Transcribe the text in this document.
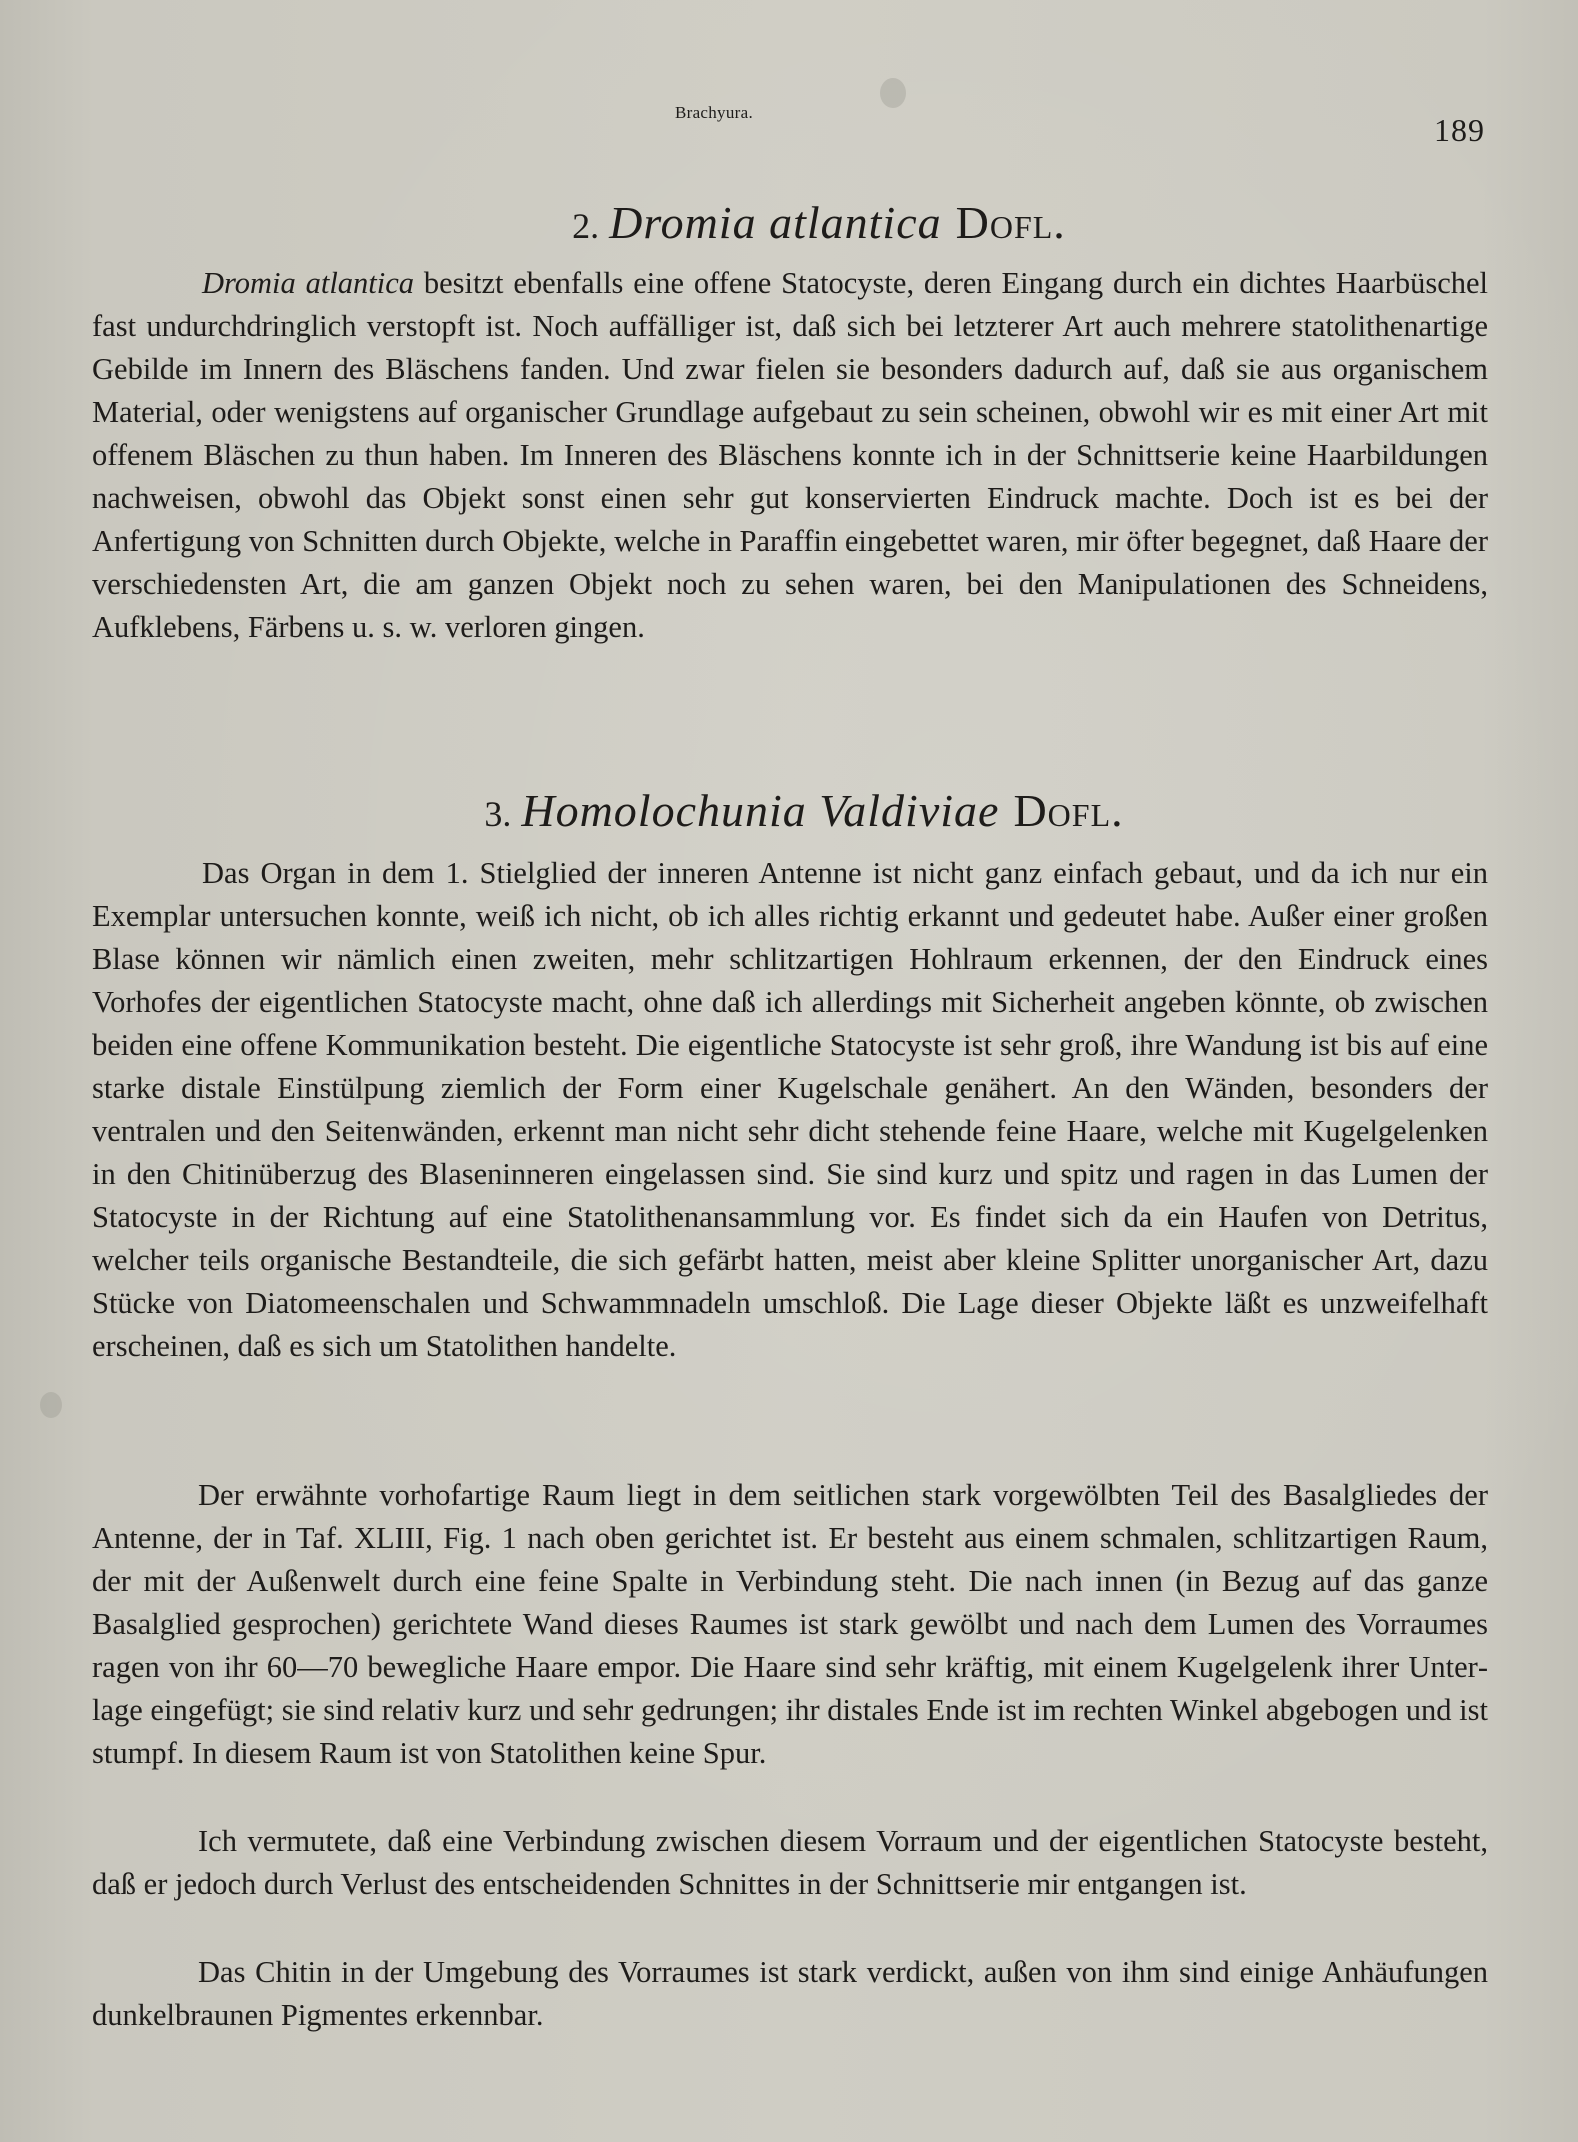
Brachyura.	189
2. Dromia atlantica Dofl.
Dromia atlantica besitzt ebenfalls eine offene Statocyste, deren Eingang durch ein dichtes Haarbüschel fast undurchdringlich verstopft ist. Noch auffälliger ist, daß sich bei letzterer Art auch mehrere statolithenartige Gebilde im Innern des Bläschens fanden. Und zwar fielen sie besonders dadurch auf, daß sie aus organischem Material, oder wenigstens auf organischer Grundlage aufgebaut zu sein scheinen, obwohl wir es mit einer Art mit offenem Bläschen zu thun haben. Im Inneren des Bläschens konnte ich in der Schnittserie keine Haarbildungen nachweisen, obwohl das Objekt sonst einen sehr gut konservierten Eindruck machte. Doch ist es bei der Anfertigung von Schnitten durch Objekte, welche in Paraffin eingebettet waren, mir öfter begegnet, daß Haare der verschiedensten Art, die am ganzen Objekt noch zu sehen waren, bei den Manipulationen des Schneidens, Aufklebens, Färbens u. s. w. verloren gingen.
3. Homolochunia Valdiviae Dofl.
Das Organ in dem 1. Stielglied der inneren Antenne ist nicht ganz einfach gebaut, und da ich nur ein Exemplar untersuchen konnte, weiß ich nicht, ob ich alles richtig erkannt und gedeutet habe. Außer einer großen Blase können wir nämlich einen zweiten, mehr schlitzartigen Hohlraum erkennen, der den Eindruck eines Vorhofes der eigentlichen Statocyste macht, ohne daß ich allerdings mit Sicherheit angeben könnte, ob zwischen beiden eine offene Kommunikation besteht. Die eigentliche Statocyste ist sehr groß, ihre Wandung ist bis auf eine starke distale Einstülpung ziemlich der Form einer Kugelschale genähert. An den Wänden, besonders der ventralen und den Seitenwänden, erkennt man nicht sehr dicht stehende feine Haare, welche mit Kugelgelenken in den Chitinüberzug des Blaseninneren eingelassen sind. Sie sind kurz und spitz und ragen in das Lumen der Statocyste in der Richtung auf eine Statolithenansammlung vor. Es findet sich da ein Haufen von Detritus, welcher teils organische Bestandteile, die sich gefärbt hatten, meist aber kleine Splitter unorganischer Art, dazu Stücke von Diatomeenschalen und Schwammnadeln umschloß. Die Lage dieser Objekte läßt es unzweifelhaft erscheinen, daß es sich um Statolithen handelte.
Der erwähnte vorhofartige Raum liegt in dem seitlichen stark vorgewölbten Teil des Basalgliedes der Antenne, der in Taf. XLIII, Fig. 1 nach oben gerichtet ist. Er besteht aus einem schmalen, schlitzartigen Raum, der mit der Außenwelt durch eine feine Spalte in Verbindung steht. Die nach innen (in Bezug auf das ganze Basalglied gesprochen) gerichtete Wand dieses Raumes ist stark gewölbt und nach dem Lumen des Vorraumes ragen von ihr 60—70 bewegliche Haare empor. Die Haare sind sehr kräftig, mit einem Kugelgelenk ihrer Unterlage eingefügt; sie sind relativ kurz und sehr gedrungen; ihr distales Ende ist im rechten Winkel abgebogen und ist stumpf. In diesem Raum ist von Statolithen keine Spur.
Ich vermutete, daß eine Verbindung zwischen diesem Vorraum und der eigentlichen Statocyste besteht, daß er jedoch durch Verlust des entscheidenden Schnittes in der Schnittserie mir entgangen ist.
Das Chitin in der Umgebung des Vorraumes ist stark verdickt, außen von ihm sind einige Anhäufungen dunkelbraunen Pigmentes erkennbar.
